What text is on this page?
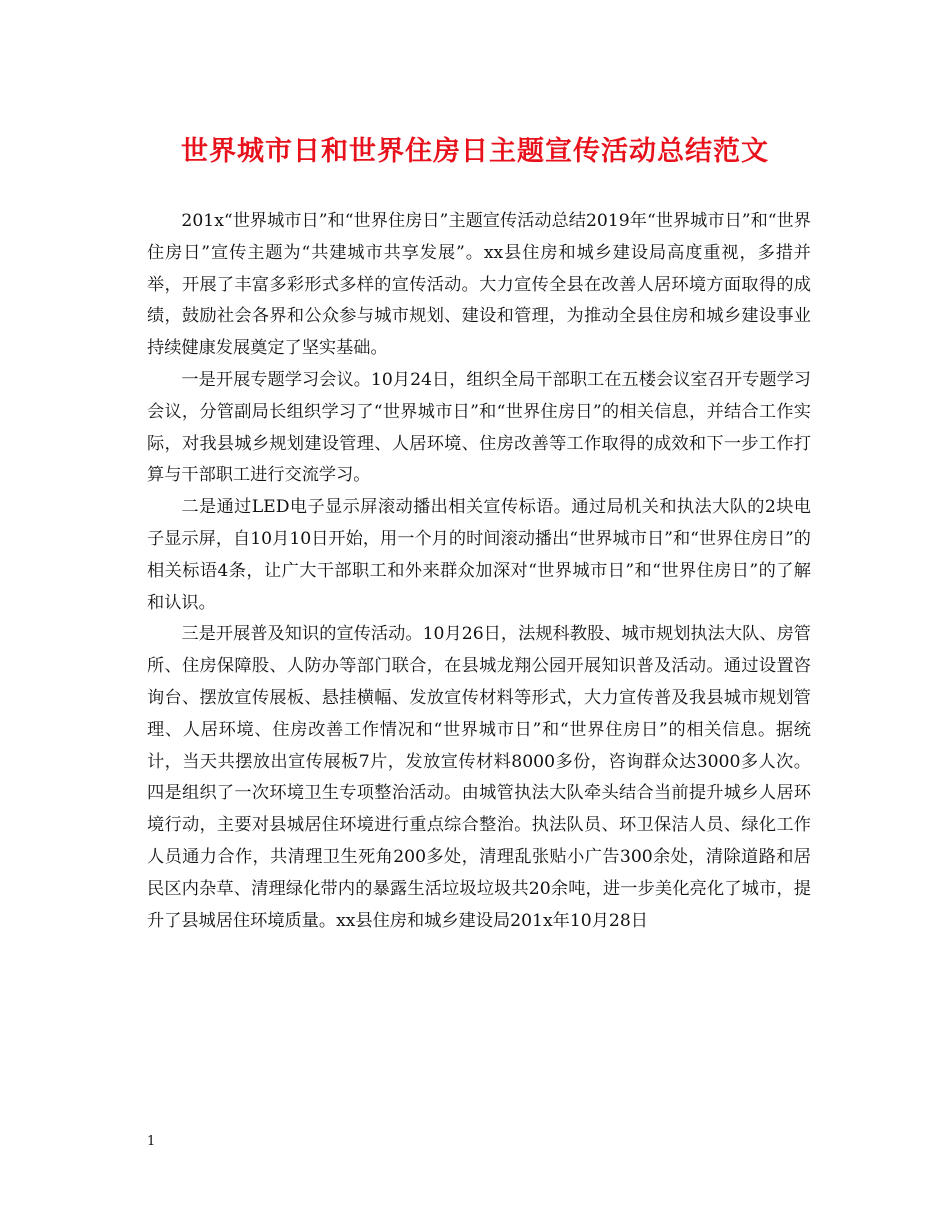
世界城市日和世界住房日主题宣传活动总结范文

201x“世界城市日”和“世界住房日”主题宣传活动总结2019年“世界城市日”和“世界住房日”宣传主题为“共建城市共享发展”。xx县住房和城乡建设局高度重视，多措并举，开展了丰富多彩形式多样的宣传活动。大力宣传全县在改善人居环境方面取得的成绩，鼓励社会各界和公众参与城市规划、建设和管理，为推动全县住房和城乡建设事业持续健康发展奠定了坚实基础。

一是开展专题学习会议。10月24日，组织全局干部职工在五楼会议室召开专题学习会议，分管副局长组织学习了“世界城市日”和“世界住房日”的相关信息，并结合工作实际，对我县城乡规划建设管理、人居环境、住房改善等工作取得的成效和下一步工作打算与干部职工进行交流学习。

二是通过LED电子显示屏滚动播出相关宣传标语。通过局机关和执法大队的2块电子显示屏，自10月10日开始，用一个月的时间滚动播出“世界城市日”和“世界住房日”的相关标语4条，让广大干部职工和外来群众加深对“世界城市日”和“世界住房日”的了解和认识。

三是开展普及知识的宣传活动。10月26日，法规科教股、城市规划执法大队、房管所、住房保障股、人防办等部门联合，在县城龙翔公园开展知识普及活动。通过设置咨询台、摆放宣传展板、悬挂横幅、发放宣传材料等形式，大力宣传普及我县城市规划管理、人居环境、住房改善工作情况和“世界城市日”和“世界住房日”的相关信息。据统计，当天共摆放出宣传展板7片，发放宣传材料8000多份，咨询群众达3000多人次。四是组织了一次环境卫生专项整治活动。由城管执法大队牵头结合当前提升城乡人居环境行动，主要对县城居住环境进行重点综合整治。执法队员、环卫保洁人员、绿化工作人员通力合作，共清理卫生死角200多处，清理乱张贴小广告300余处，清除道路和居民区内杂草、清理绿化带内的暴露生活垃圾垃圾共20余吨，进一步美化亮化了城市，提升了县城居住环境质量。xx县住房和城乡建设局201x年10月28日

1
